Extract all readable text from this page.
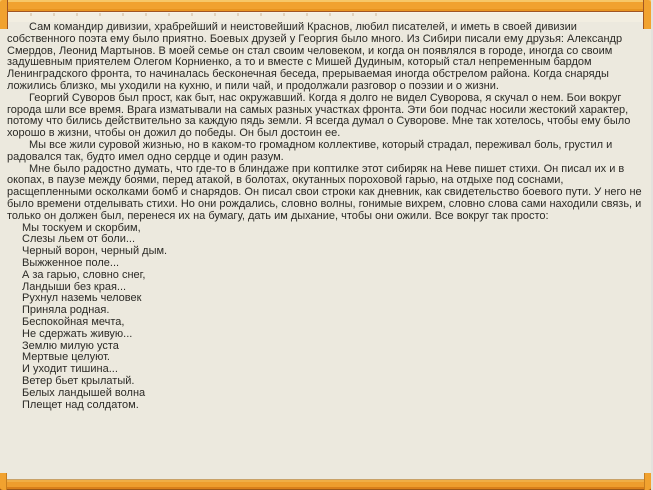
Сам командир дивизии, храбрейший и неистовейший Краснов, любил писателей, и иметь в своей дивизии собственного поэта ему было приятно. Боевых друзей у Георгия было много. Из Сибири писали ему друзья: Александр Смердов, Леонид Мартынов. В моей семье он стал своим человеком, и когда он появлялся в городе, иногда со своим задушевным приятелем Олегом Корниенко, а то и вместе с Мишей Дудиным, который стал непременным бардом Ленинградского фронта, то начиналась бесконечная беседа, прерываемая иногда обстрелом района. Когда снаряды ложились близко, мы уходили на кухню, и пили чай, и продолжали разговор о поэзии и о жизни.

Георгий Суворов был прост, как быт, нас окружавший. Когда я долго не видел Суворова, я скучал о нем. Бои вокруг города шли все время. Врага изматывали на самых разных участках фронта. Эти бои подчас носили жестокий характер, потому что бились действительно за каждую пядь земли. Я всегда думал о Суворове. Мне так хотелось, чтобы ему было хорошо в жизни, чтобы он дожил до победы. Он был достоин ее.

Мы все жили суровой жизнью, но в каком-то громадном коллективе, который страдал, переживал боль, грустил и радовался так, будто имел одно сердце и один разум.

Мне было радостно думать, что где-то в блиндаже при коптилке этот сибиряк на Неве пишет стихи. Он писал их и в окопах, в паузе между боями, перед атакой, в болотах, окутанных пороховой гарью, на отдыхе под соснами, расщепленными осколками бомб и снарядов. Он писал свои строки как дневник, как свидетельство боевого пути. У него не было времени отделывать стихи. Но они рождались, словно волны, гонимые вихрем, словно слова сами находили связь, и только он должен был, перенеся их на бумагу, дать им дыхание, чтобы они ожили. Все вокруг так просто:

Мы тоскуем и скорбим,
Слезы льем от боли...
Черный ворон, черный дым.
Выжженное поле...
А за гарью, словно снег,
Ландыши без края...
Рухнул наземь человек
Приняла родная.
Беспокойная мечта,
Не сдержать живую...
Землю милую уста
Мертвые целуют.
И уходит тишина...
Ветер бьет крылатый.
Белых ландышей волна
Плещет над солдатом.
